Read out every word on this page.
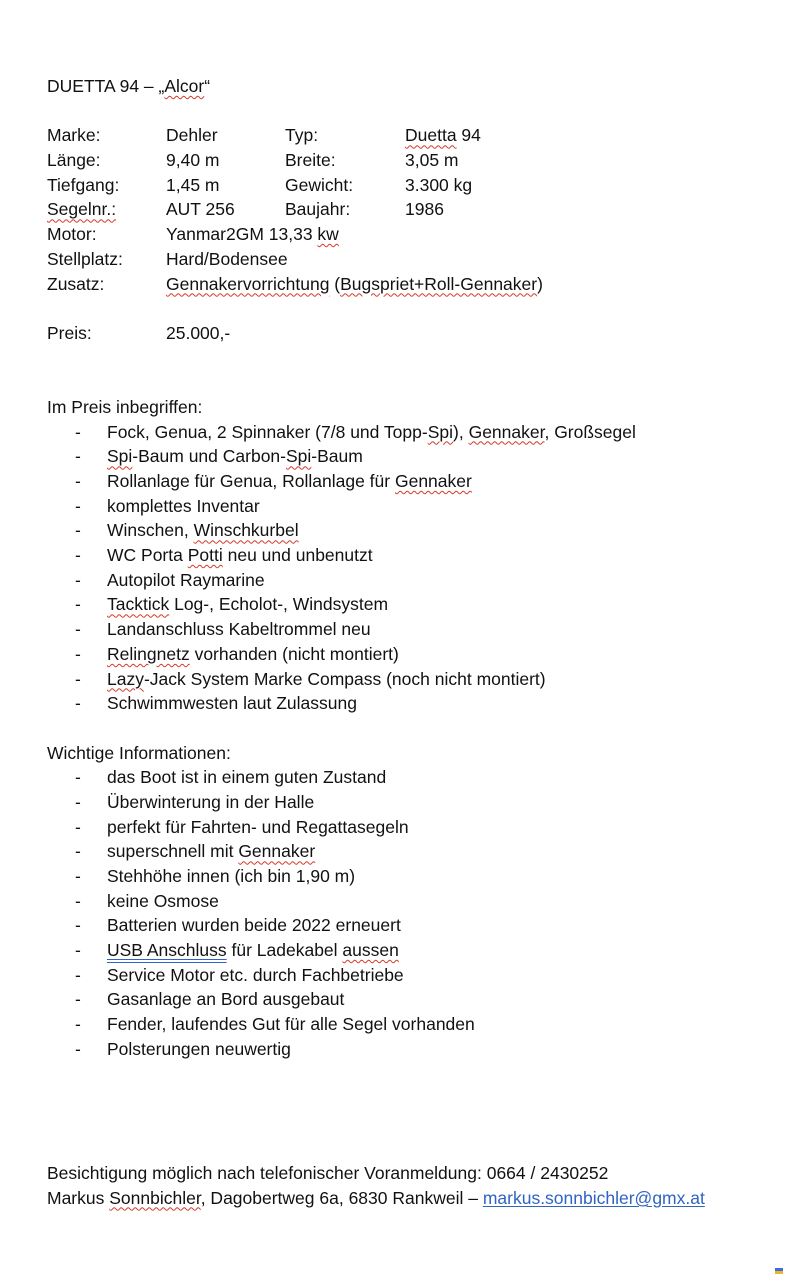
DUETTA 94 – „Alcor“
Marke:	Dehler	Typ:	Duetta 94
Länge:	9,40 m	Breite:	3,05 m
Tiefgang:	1,45 m	Gewicht:	3.300 kg
Segelnr.:	AUT 256	Baujahr:	1986
Motor:	Yanmar2GM 13,33 kw
Stellplatz:	Hard/Bodensee
Zusatz:	Gennakervorrichtung (Bugspriet+Roll-Gennaker)
Preis:	25.000,-
Im Preis inbegriffen:
-	Fock, Genua, 2 Spinnaker (7/8 und Topp-Spi), Gennaker, Großsegel
-	Spi-Baum und Carbon-Spi-Baum
-	Rollanlage für Genua, Rollanlage für Gennaker
-	komplettes Inventar
-	Winschen, Winschkurbel
-	WC Porta Potti neu und unbenutzt
-	Autopilot Raymarine
-	Tacktick Log-, Echolot-, Windsystem
-	Landanschluss Kabeltrommel neu
-	Relingnetz vorhanden (nicht montiert)
-	Lazy-Jack System Marke Compass (noch nicht montiert)
-	Schwimmwesten laut Zulassung
Wichtige Informationen:
-	das Boot ist in einem guten Zustand
-	Überwinterung in der Halle
-	perfekt für Fahrten- und Regattasegeln
-	superschnell mit Gennaker
-	Stehhöhe innen (ich bin 1,90 m)
-	keine Osmose
-	Batterien wurden beide 2022 erneuert
-	USB Anschluss für Ladekabel aussen
-	Service Motor etc. durch Fachbetriebe
-	Gasanlage an Bord ausgebaut
-	Fender, laufendes Gut für alle Segel vorhanden
-	Polsterungen neuwertig
Besichtigung möglich nach telefonischer Voranmeldung: 0664 / 2430252
Markus Sonnbichler, Dagobertweg 6a, 6830 Rankweil – markus.sonnbichler@gmx.at
